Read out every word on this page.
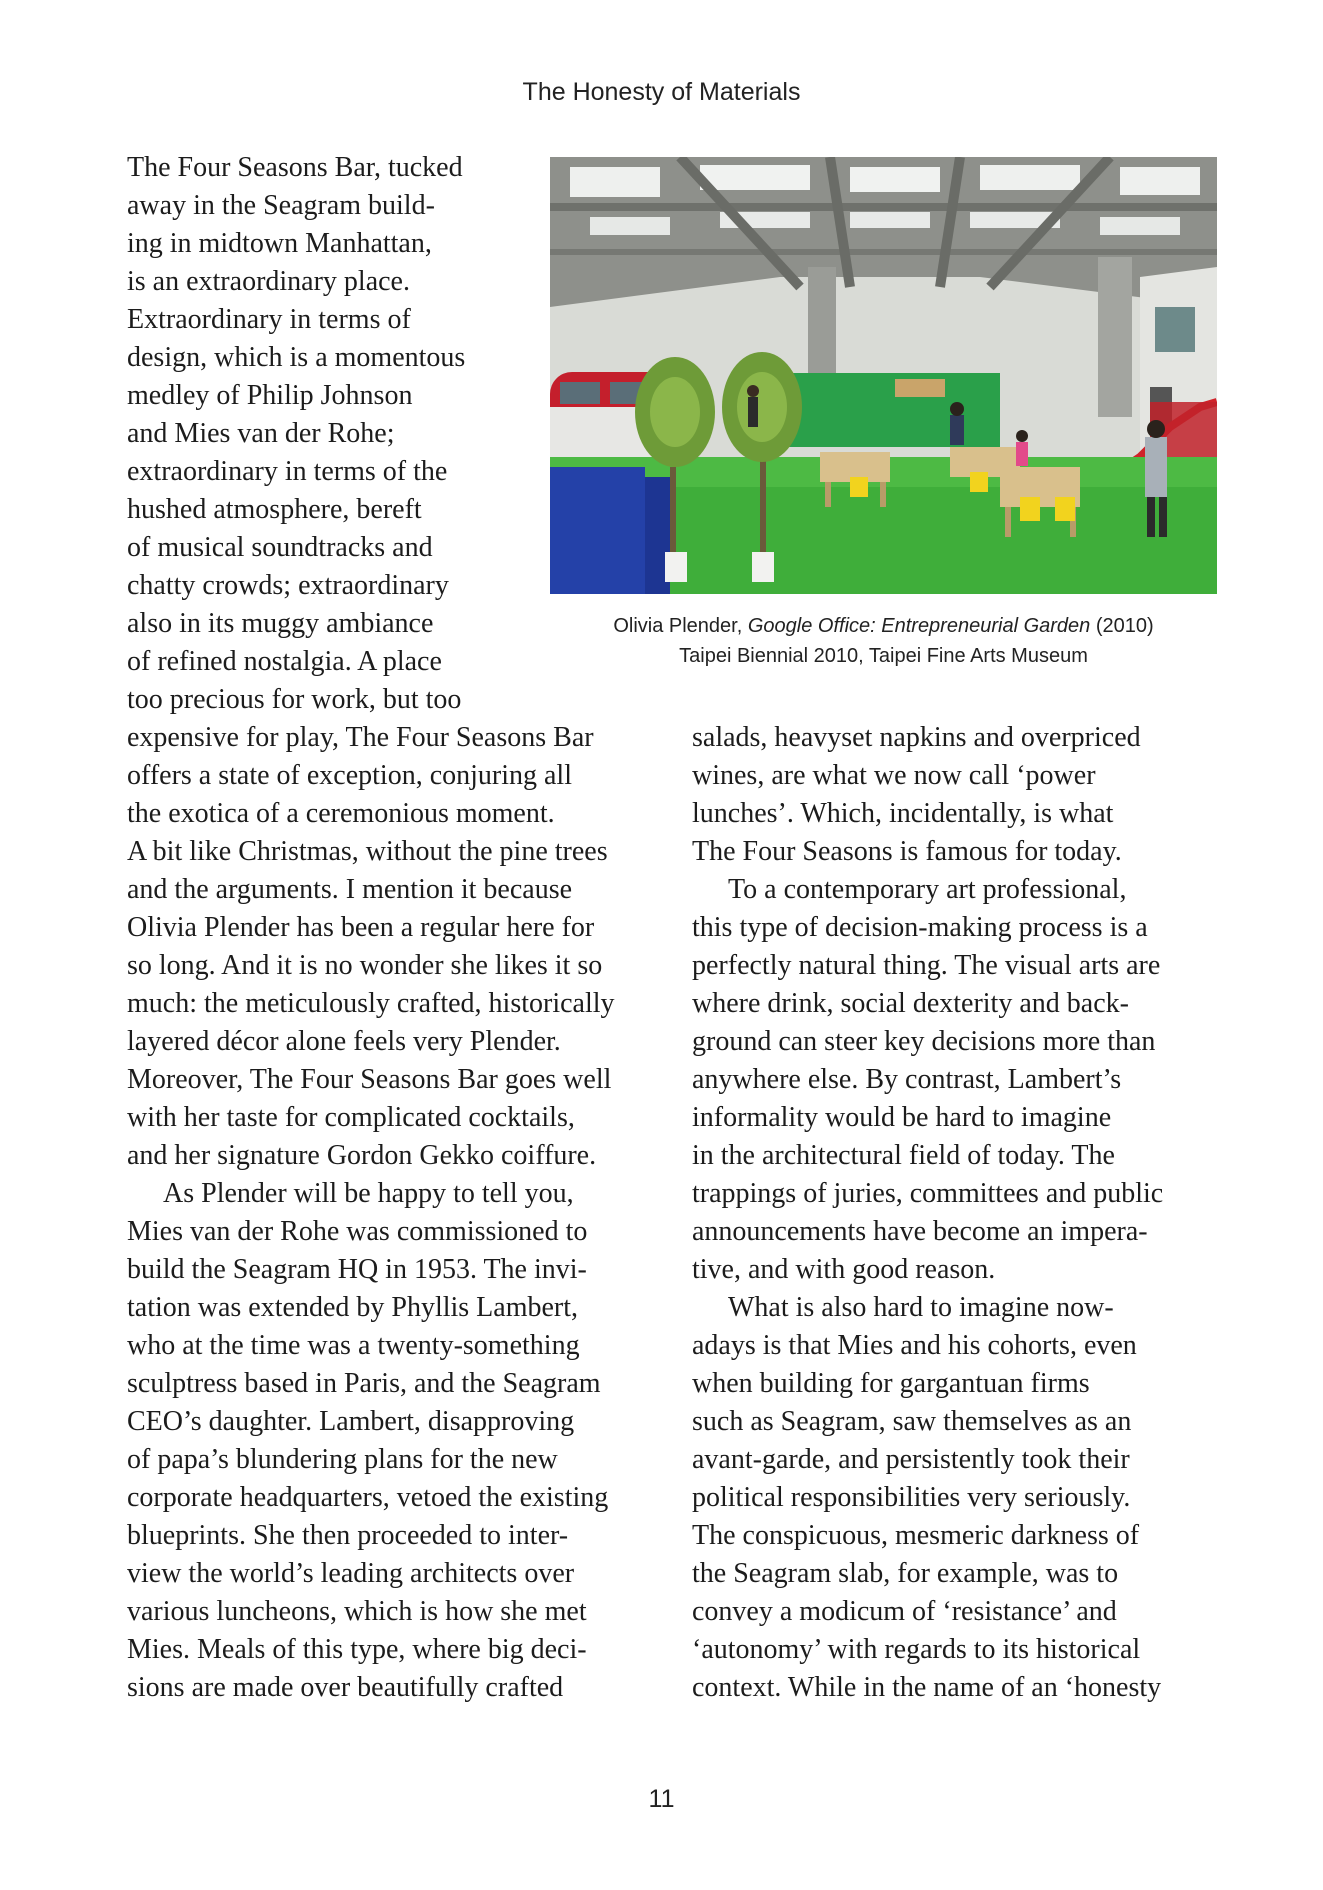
The Honesty of Materials
The Four Seasons Bar, tucked
away in the Seagram build-
ing in midtown Manhattan,
is an extraordinary place.
Extraordinary in terms of
design, which is a momentous
medley of Philip Johnson
and Mies van der Rohe;
extraordinary in terms of the
hushed atmosphere, bereft
of musical soundtracks and
chatty crowds; extraordinary
also in its muggy ambiance
of refined nostalgia. A place
too precious for work, but too
Olivia Plender, Google Office: Entrepreneurial Garden (2010)
Taipei Biennial 2010, Taipei Fine Arts Museum
expensive for play, The Four Seasons Bar
offers a state of exception, conjuring all
the exotica of a ceremonious moment.
A bit like Christmas, without the pine trees
and the arguments. I mention it because
Olivia Plender has been a regular here for
so long. And it is no wonder she likes it so
much: the meticulously crafted, historically
layered décor alone feels very Plender.
Moreover, The Four Seasons Bar goes well
with her taste for complicated cocktails,
and her signature Gordon Gekko coiffure.
As Plender will be happy to tell you,
Mies van der Rohe was commissioned to
build the Seagram HQ in 1953. The invi-
tation was extended by Phyllis Lambert,
who at the time was a twenty-something
sculptress based in Paris, and the Seagram
CEO’s daughter. Lambert, disapproving
of papa’s blundering plans for the new
corporate headquarters, vetoed the existing
blueprints. She then proceeded to inter-
view the world’s leading architects over
various luncheons, which is how she met
Mies. Meals of this type, where big deci-
sions are made over beautifully crafted
salads, heavyset napkins and overpriced
wines, are what we now call ‘power
lunches’. Which, incidentally, is what
The Four Seasons is famous for today.
To a contemporary art professional,
this type of decision-making process is a
perfectly natural thing. The visual arts are
where drink, social dexterity and back-
ground can steer key decisions more than
anywhere else. By contrast, Lambert’s
informality would be hard to imagine
in the architectural field of today. The
trappings of juries, committees and public
announcements have become an impera-
tive, and with good reason.
What is also hard to imagine now-
adays is that Mies and his cohorts, even
when building for gargantuan firms
such as Seagram, saw themselves as an
avant-garde, and persistently took their
political responsibilities very seriously.
The conspicuous, mesmeric darkness of
the Seagram slab, for example, was to
convey a modicum of ‘resistance’ and
‘autonomy’ with regards to its historical
context. While in the name of an ‘honesty
11
